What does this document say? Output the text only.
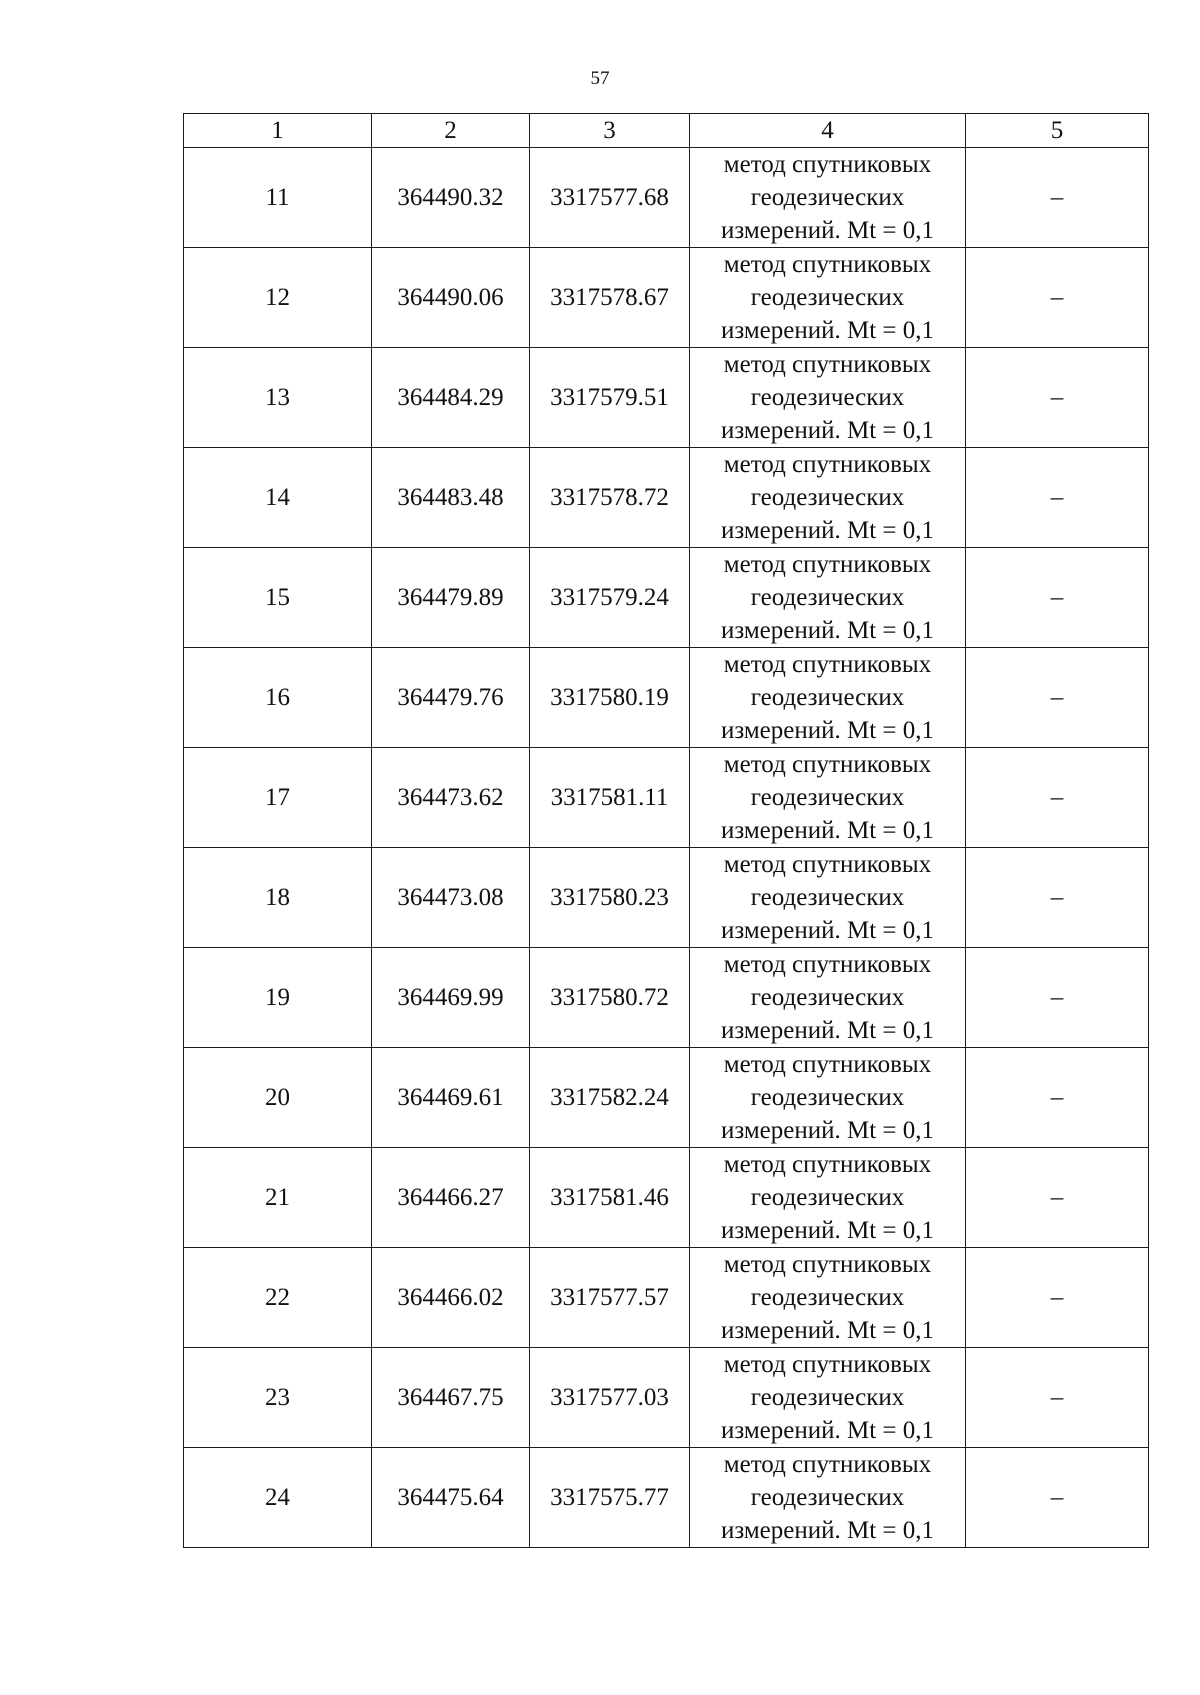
57
1	2	3	4	5
11	364490.32	3317577.68	метод спутниковых
геодезических
измерений. Mt = 0,1	–
12	364490.06	3317578.67	метод спутниковых
геодезических
измерений. Mt = 0,1	–
13	364484.29	3317579.51	метод спутниковых
геодезических
измерений. Mt = 0,1	–
14	364483.48	3317578.72	метод спутниковых
геодезических
измерений. Mt = 0,1	–
15	364479.89	3317579.24	метод спутниковых
геодезических
измерений. Mt = 0,1	–
16	364479.76	3317580.19	метод спутниковых
геодезических
измерений. Mt = 0,1	–
17	364473.62	3317581.11	метод спутниковых
геодезических
измерений. Mt = 0,1	–
18	364473.08	3317580.23	метод спутниковых
геодезических
измерений. Mt = 0,1	–
19	364469.99	3317580.72	метод спутниковых
геодезических
измерений. Mt = 0,1	–
20	364469.61	3317582.24	метод спутниковых
геодезических
измерений. Mt = 0,1	–
21	364466.27	3317581.46	метод спутниковых
геодезических
измерений. Mt = 0,1	–
22	364466.02	3317577.57	метод спутниковых
геодезических
измерений. Mt = 0,1	–
23	364467.75	3317577.03	метод спутниковых
геодезических
измерений. Mt = 0,1	–
24	364475.64	3317575.77	метод спутниковых
геодезических
измерений. Mt = 0,1	–
